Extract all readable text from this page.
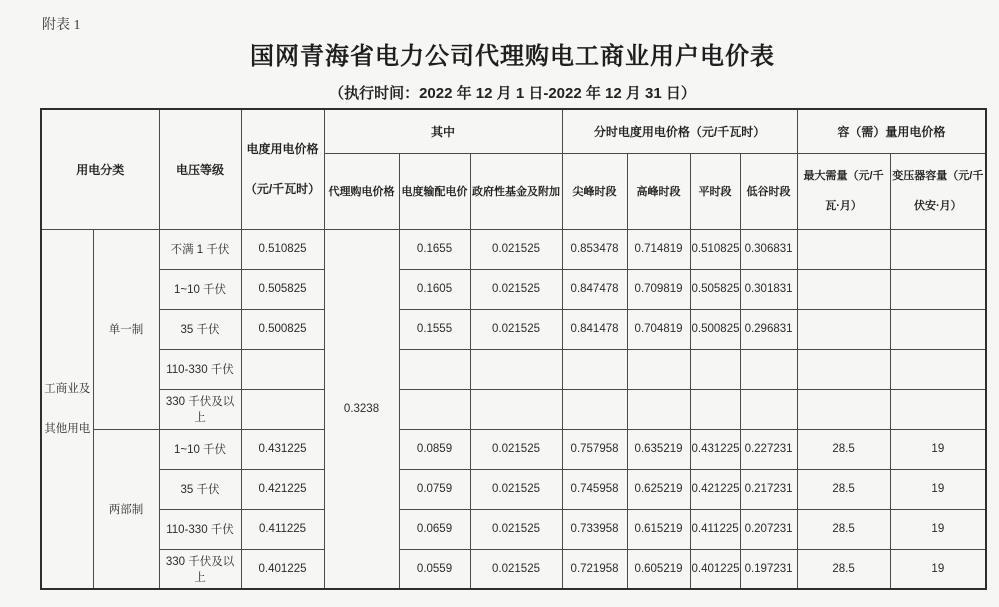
附表 1
国网青海省电力公司代理购电工商业用户电价表
（执行时间：2022 年 12 月 1 日-2022 年 12 月 31 日）
用电分类		电压等级	电度用电价格（元/千瓦时）	其中			分时电度用电价格（元/千瓦时）				容（需）量用电价格	
				代理购电价格	电度输配电价	政府性基金及附加	尖峰时段	高峰时段	平时段	低谷时段	最大需量（元/千瓦·月）	变压器容量（元/千伏安·月）

工商业及
其他用电	单一制	不满 1 千伏	0.510825	0.3238	0.1655	0.021525	0.853478	0.714819	0.510825	0.306831		
		1~10 千伏	0.505825		0.1605	0.021525	0.847478	0.709819	0.505825	0.301831		
		35 千伏	0.500825		0.1555	0.021525	0.841478	0.704819	0.500825	0.296831		
		110-330 千伏										
		330 千伏及以上										
	两部制	1~10 千伏	0.431225		0.0859	0.021525	0.757958	0.635219	0.431225	0.227231	28.5	19
		35 千伏	0.421225		0.0759	0.021525	0.745958	0.625219	0.421225	0.217231	28.5	19
		110-330 千伏	0.411225		0.0659	0.021525	0.733958	0.615219	0.411225	0.207231	28.5	19
		330 千伏及以上	0.401225		0.0559	0.021525	0.721958	0.605219	0.401225	0.197231	28.5	19
